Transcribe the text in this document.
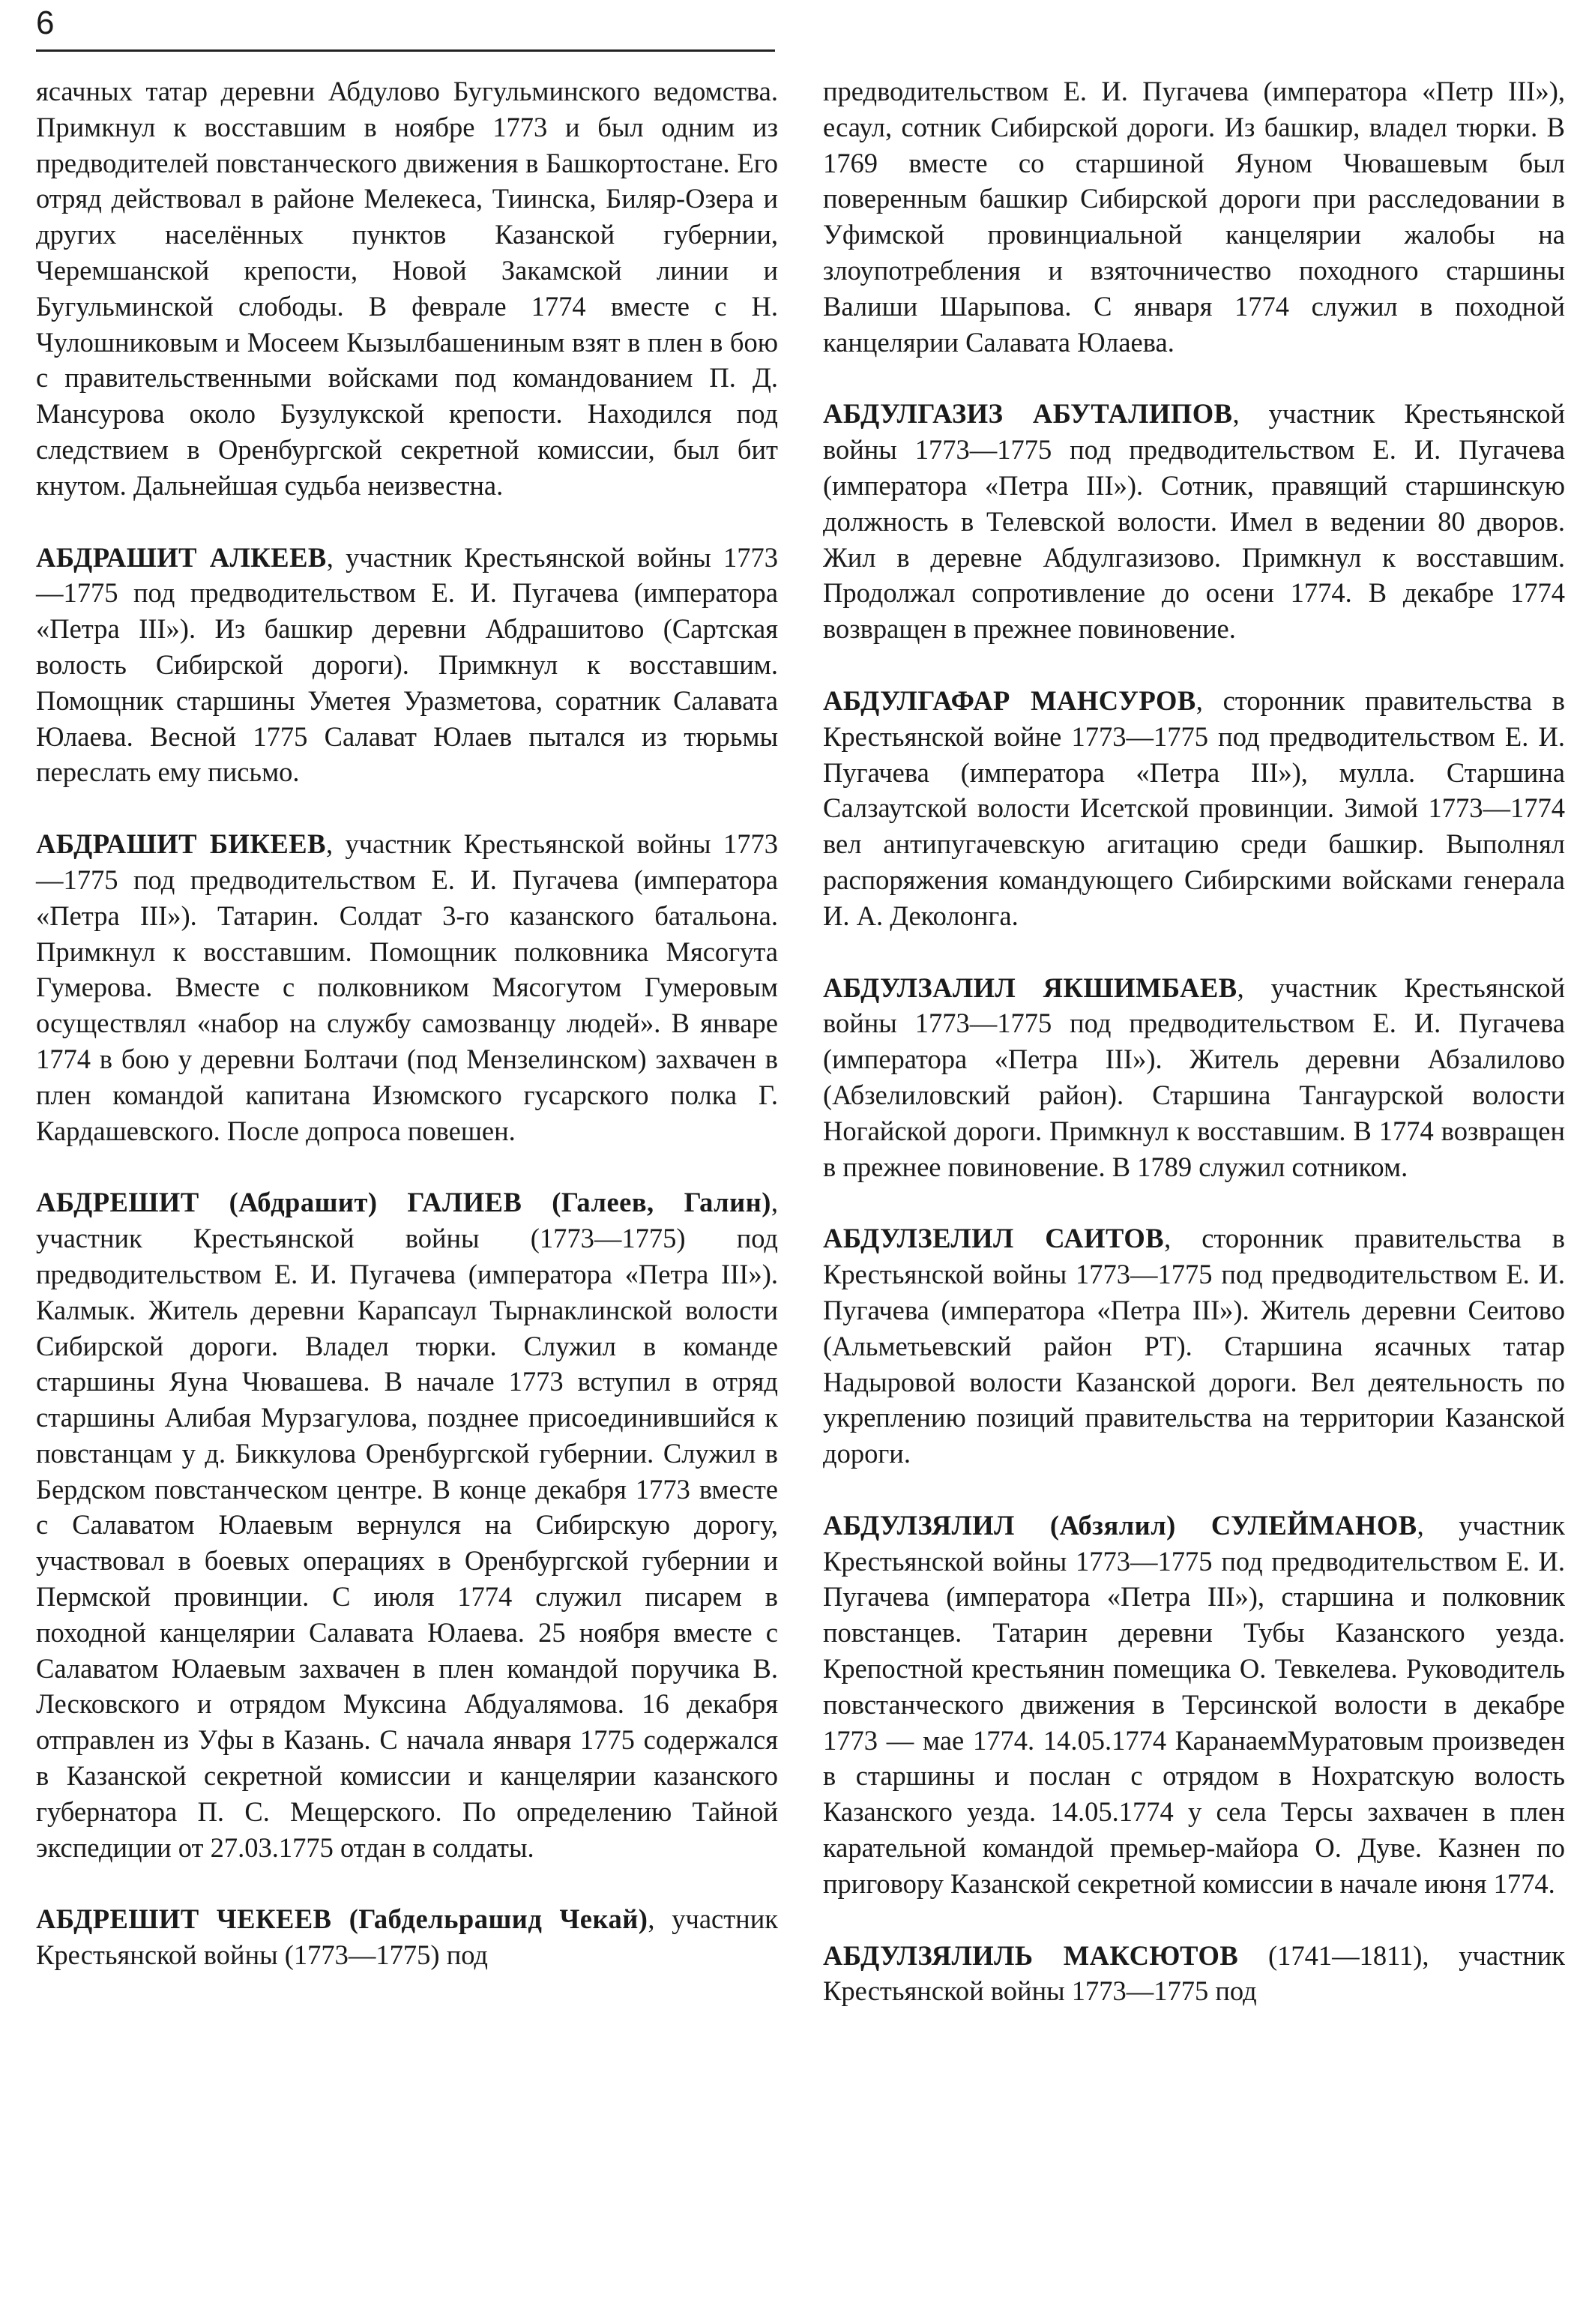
6

ясачных татар деревни Абдулово Бугульминского ведомства. Примкнул к восставшим в ноябре 1773 и был одним из предводителей повстанческого движения в Башкортостане. Его отряд действовал в районе Мелекеса, Тиинска, Биляр-Озера и других населённых пунктов Казанской губернии, Черемшанской крепости, Новой Закамской линии и Бугульминской слободы. В феврале 1774 вместе с Н. Чулошниковым и Мосеем Кызылбашениным взят в плен в бою с правительственными войсками под командованием П. Д. Мансурова около Бузулукской крепости. Находился под следствием в Оренбургской секретной комиссии, был бит кнутом. Дальнейшая судьба неизвестна.

АБДРАШИТ АЛКЕЕВ, участник Крестьянской войны 1773—1775 под предводительством Е. И. Пугачева (императора «Петра III»). Из башкир деревни Абдрашитово (Сартская волость Сибирской дороги). Примкнул к восставшим. Помощник старшины Уметея Уразметова, соратник Салавата Юлаева. Весной 1775 Салават Юлаев пытался из тюрьмы переслать ему письмо.

АБДРАШИТ БИКЕЕВ, участник Крестьянской войны 1773—1775 под предводительством Е. И. Пугачева (императора «Петра III»). Татарин. Солдат 3-го казанского батальона. Примкнул к восставшим. Помощник полковника Мясогута Гумерова. Вместе с полковником Мясогутом Гумеровым осуществлял «набор на службу самозванцу людей». В январе 1774 в бою у деревни Болтачи (под Мензелинском) захвачен в плен командой капитана Изюмского гусарского полка Г. Кардашевского. После допроса повешен.

АБДРЕШИТ (Абдрашит) ГАЛИЕВ (Галеев, Галин), участник Крестьянской войны (1773—1775) под предводительством Е. И. Пугачева (императора «Петра III»). Калмык. Житель деревни Карапсаул Тырнаклинской волости Сибирской дороги. Владел тюрки. Служил в команде старшины Яуна Чювашева. В начале 1773 вступил в отряд старшины Алибая Мурзагулова, позднее присоединившийся к повстанцам у д. Биккулова Оренбургской губернии. Служил в Бердском повстанческом центре. В конце декабря 1773 вместе с Салаватом Юлаевым вернулся на Сибирскую дорогу, участвовал в боевых операциях в Оренбургской губернии и Пермской провинции. С июля 1774 служил писарем в походной канцелярии Салавата Юлаева. 25 ноября вместе с Салаватом Юлаевым захвачен в плен командой поручика В. Лесковского и отрядом Муксина Абдуалямова. 16 декабря отправлен из Уфы в Казань. С начала января 1775 содержался в Казанской секретной комиссии и канцелярии казанского губернатора П. С. Мещерского. По определению Тайной экспедиции от 27.03.1775 отдан в солдаты.

АБДРЕШИТ ЧЕКЕЕВ (Габдельрашид Чекай), участник Крестьянской войны (1773—1775) под

предводительством Е. И. Пугачева (императора «Петр III»), есаул, сотник Сибирской дороги. Из башкир, владел тюрки. В 1769 вместе со старшиной Яуном Чювашевым был поверенным башкир Сибирской дороги при расследовании в Уфимской провинциальной канцелярии жалобы на злоупотребления и взяточничество походного старшины Валиши Шарыпова. С января 1774 служил в походной канцелярии Салавата Юлаева.

АБДУЛГАЗИЗ АБУТАЛИПОВ, участник Крестьянской войны 1773—1775 под предводительством Е. И. Пугачева (императора «Петра III»). Сотник, правящий старшинскую должность в Телевской волости. Имел в ведении 80 дворов. Жил в деревне Абдулгазизово. Примкнул к восставшим. Продолжал сопротивление до осени 1774. В декабре 1774 возвращен в прежнее повиновение.

АБДУЛГАФАР МАНСУРОВ, сторонник правительства в Крестьянской войне 1773—1775 под предводительством Е. И. Пугачева (императора «Петра III»), мулла. Старшина Салзаутской волости Исетской провинции. Зимой 1773—1774 вел антипугачевскую агитацию среди башкир. Выполнял распоряжения командующего Сибирскими войсками генерала И. А. Деколонга.

АБДУЛЗАЛИЛ ЯКШИМБАЕВ, участник Крестьянской войны 1773—1775 под предводительством Е. И. Пугачева (императора «Петра III»). Житель деревни Абзалилово (Абзелиловский район). Старшина Тангаурской волости Ногайской дороги. Примкнул к восставшим. В 1774 возвращен в прежнее повиновение. В 1789 служил сотником.

АБДУЛЗЕЛИЛ САИТОВ, сторонник правительства в Крестьянской войны 1773—1775 под предводительством Е. И. Пугачева (императора «Петра III»). Житель деревни Сеитово (Альметьевский район РТ). Старшина ясачных татар Надыровой волости Казанской дороги. Вел деятельность по укреплению позиций правительства на территории Казанской дороги.

АБДУЛЗЯЛИЛ (Абзялил) СУЛЕЙМАНОВ, участник Крестьянской войны 1773—1775 под предводительством Е. И. Пугачева (императора «Петра III»), старшина и полковник повстанцев. Татарин деревни Тубы Казанского уезда. Крепостной крестьянин помещика О. Тевкелева. Руководитель повстанческого движения в Терсинской волости в декабре 1773 — мае 1774. 14.05.1774 КаранаемМуратовым произведен в старшины и послан с отрядом в Нохратскую волость Казанского уезда. 14.05.1774 у села Терсы захвачен в плен карательной командой премьер-майора О. Дуве. Казнен по приговору Казанской секретной комиссии в начале июня 1774.

АБДУЛЗЯЛИЛЬ МАКСЮТОВ (1741—1811), участник Крестьянской войны 1773—1775 под
